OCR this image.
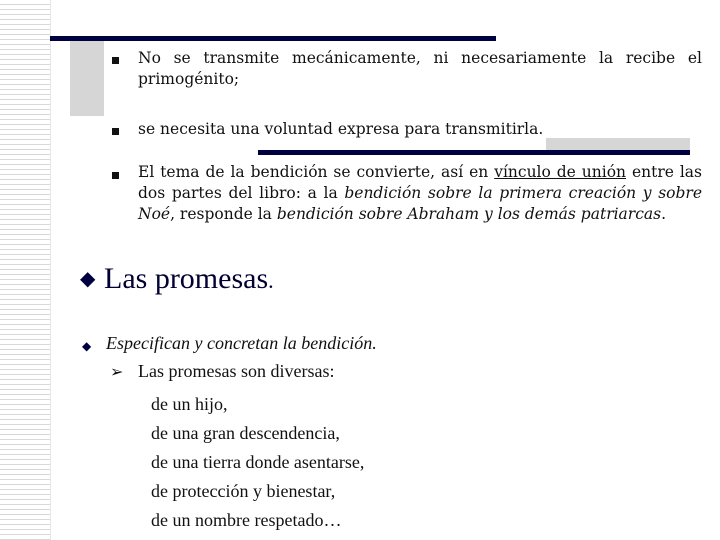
No se transmite mecánicamente, ni necesariamente la recibe el primogénito;
se necesita una voluntad expresa para transmitirla.
El tema de la bendición se convierte, así en vínculo de unión entre las dos partes del libro: a la bendición sobre la primera creación y sobre Noé, responde la bendición sobre Abraham y los demás patriarcas.
◆ Las promesas.
◆ Especifican y concretan la bendición.
➢ Las promesas son diversas:
de un hijo,
de una gran descendencia,
de una tierra donde asentarse,
de protección y bienestar,
de un nombre respetado…
